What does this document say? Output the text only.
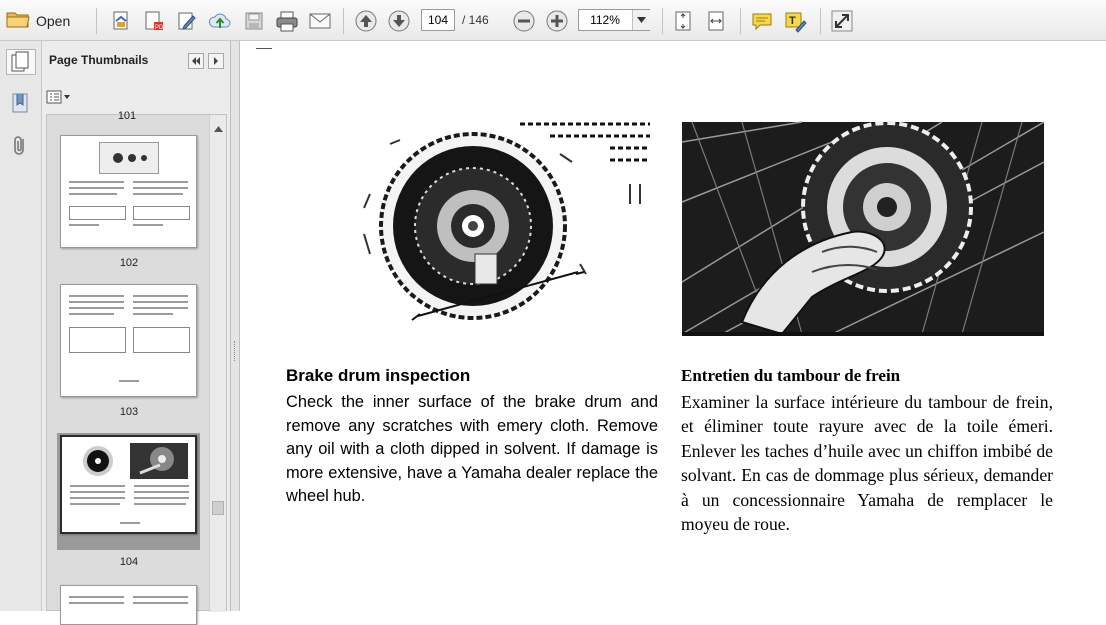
Open	PDF
104	/ 146	112%	T
Page Thumbnails
101
102
103
104
Brake drum inspection
Check the inner surface of the brake drum and remove any scratches with emery cloth. Remove any oil with a cloth dipped in solvent. If damage is more extensive, have a Yamaha dealer replace the wheel hub.
Entretien du tambour de frein
Examiner la surface intérieure du tambour de frein, et éliminer toute rayure avec de la toile émeri. Enlever les taches d’huile avec un chiffon imbibé de solvant. En cas de dommage plus sérieux, demander à un concessionnaire Yamaha de remplacer le moyeu de roue.
